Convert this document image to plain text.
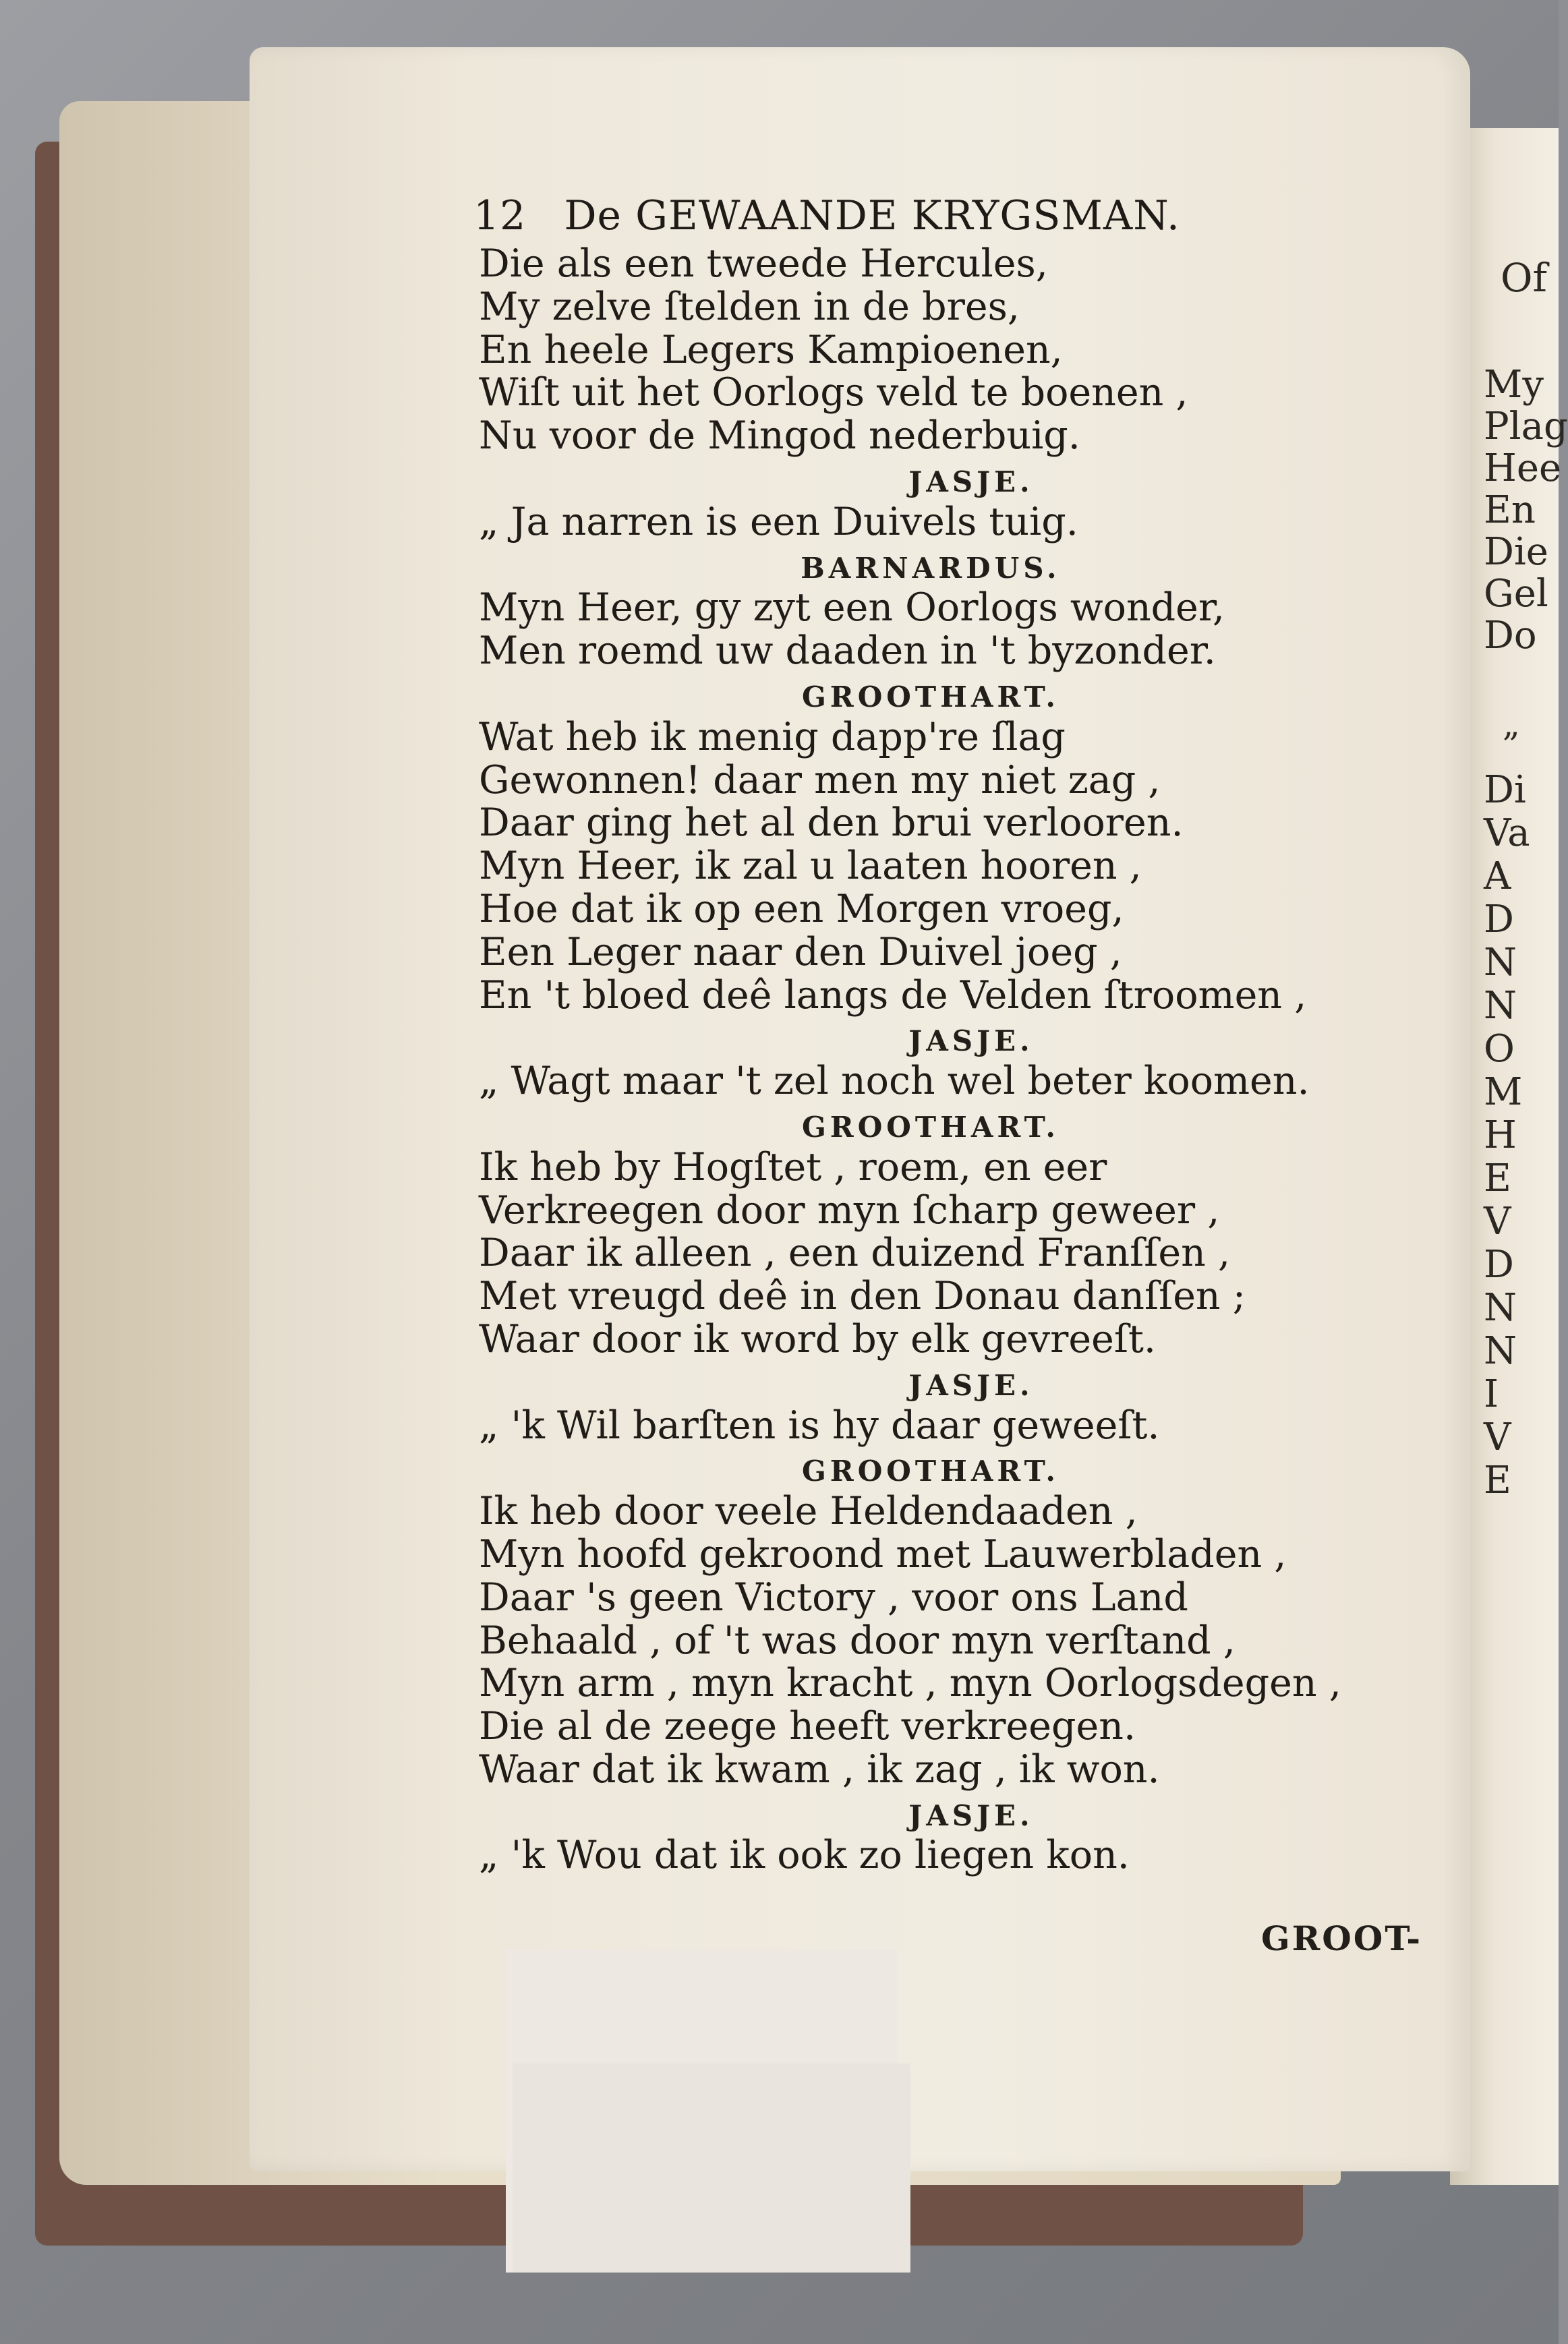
Of
My
Plag
Hee
En
Die
Gel
Do
„
Di
Va
A
D
N
N
O
M
H
E
V
D
N
N
I
V
E
12 De GEWAANDE KRYGSMAN.
Die als een tweede Hercules,
My zelve ſtelden in de bres,
En heele Legers Kampioenen,
Wiſt uit het Oorlogs veld te boenen ,
Nu voor de Mingod nederbuig.
JASJE.
„ Ja narren is een Duivels tuig.
BARNARDUS.
Myn Heer, gy zyt een Oorlogs wonder,
Men roemd uw daaden in 't byzonder.
GROOTHART.
Wat heb ik menig dapp're ſlag
Gewonnen! daar men my niet zag ,
Daar ging het al den brui verlooren.
Myn Heer, ik zal u laaten hooren ,
Hoe dat ik op een Morgen vroeg,
Een Leger naar den Duivel joeg ,
En 't bloed deê langs de Velden ſtroomen ,
JASJE.
„ Wagt maar 't zel noch wel beter koomen.
GROOTHART.
Ik heb by Hogſtet , roem, en eer
Verkreegen door myn ſcharp geweer ,
Daar ik alleen , een duizend Franſſen ,
Met vreugd deê in den Donau danſſen ;
Waar door ik word by elk gevreeſt.
JASJE.
„ 'k Wil barſten is hy daar geweeſt.
GROOTHART.
Ik heb door veele Heldendaaden ,
Myn hoofd gekroond met Lauwerbladen ,
Daar 's geen Victory , voor ons Land
Behaald , of 't was door myn verſtand ,
Myn arm , myn kracht , myn Oorlogsdegen ,
Die al de zeege heeft verkreegen.
Waar dat ik kwam , ik zag , ik won.
JASJE.
„ 'k Wou dat ik ook zo liegen kon.
GROOT-
